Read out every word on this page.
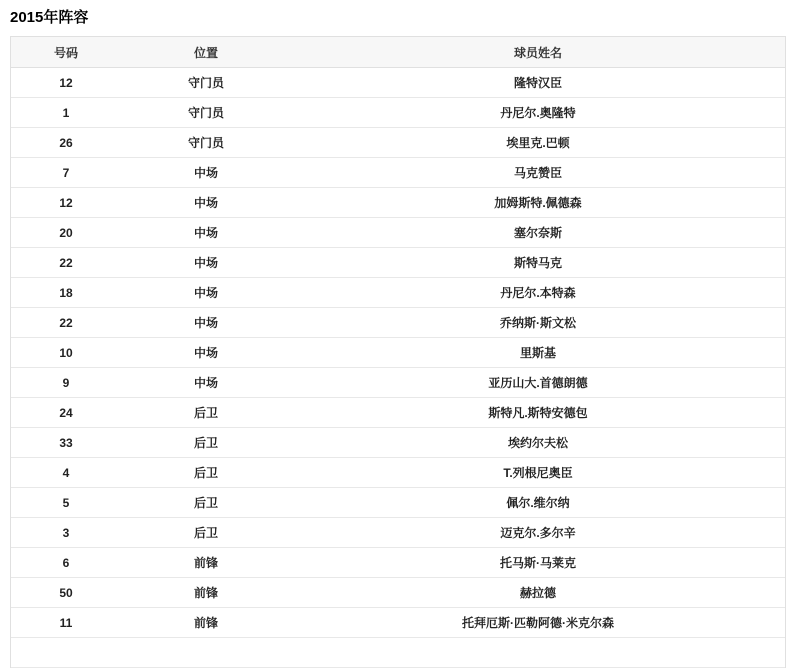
2015年阵容
号码	位置	球员姓名
12	守门员	隆特汉臣
1	守门员	丹尼尔.奥隆特
26	守门员	埃里克.巴顿
7	中场	马克赞臣
12	中场	加姆斯特.佩德森
20	中场	塞尔奈斯
22	中场	斯特马克
18	中场	丹尼尔.本特森
22	中场	乔纳斯·斯文松
10	中场	里斯基
9	中场	亚历山大.首德朗德
24	后卫	斯特凡.斯特安德包
33	后卫	埃约尔夫松
4	后卫	T.列根尼奥臣
5	后卫	佩尔.维尔纳
3	后卫	迈克尔.多尔辛
6	前锋	托马斯·马莱克
50	前锋	赫拉德
11	前锋	托拜厄斯·匹勒阿德·米克尔森
